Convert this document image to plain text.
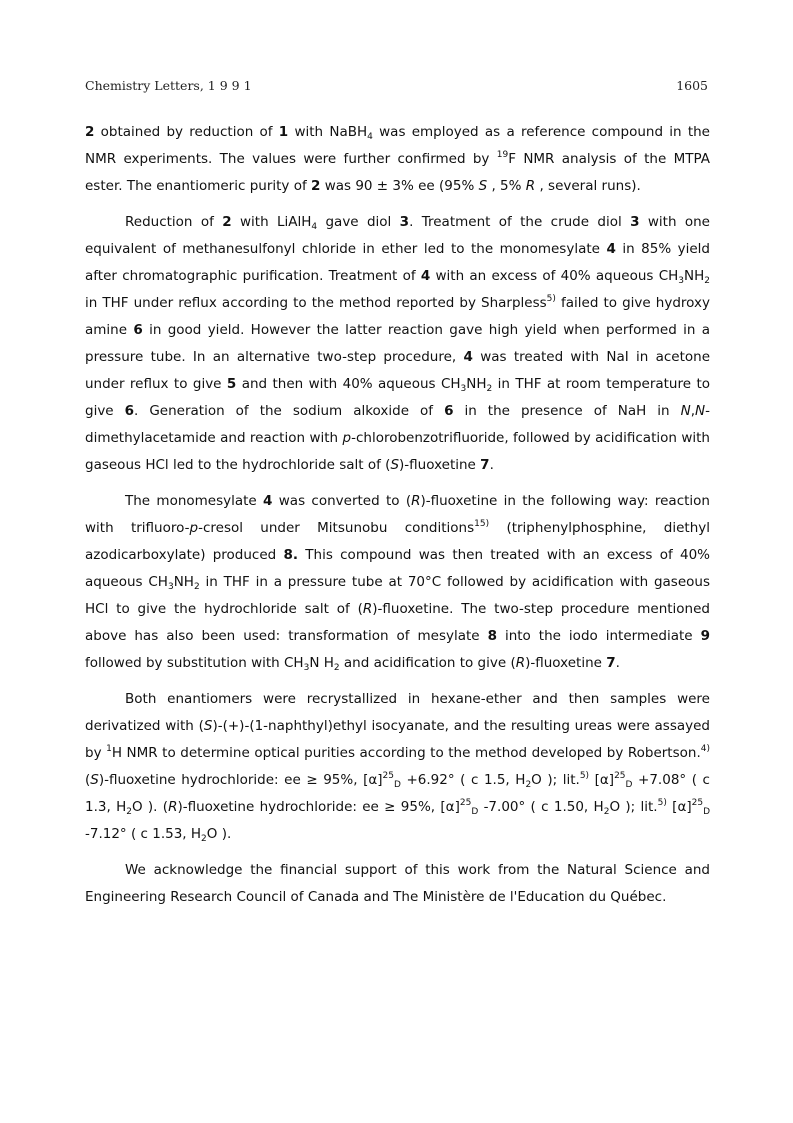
Chemistry Letters, 1 9 9 1	1605

2 obtained by reduction of 1 with NaBH$_4$ was employed as a reference compound in the NMR experiments. The values were further confirmed by $^{19}$F NMR analysis of the MTPA ester. The enantiomeric purity of 2 was 90 ± 3% ee (95% S , 5% R , several runs).

Reduction of 2 with LiAlH$_4$ gave diol 3. Treatment of the crude diol 3 with one equivalent of methanesulfonyl chloride in ether led to the monomesylate 4 in 85% yield after chromatographic purification. Treatment of 4 with an excess of 40% aqueous $CH_3NH_2$ in THF under reflux according to the method reported by Sharpless$^{5)}$ failed to give hydroxy amine 6 in good yield. However the latter reaction gave high yield when performed in a pressure tube. In an alternative two-step procedure, 4 was treated with NaI in acetone under reflux to give 5 and then with 40% aqueous $CH_3NH_2$ in THF at room temperature to give 6. Generation of the sodium alkoxide of 6 in the presence of NaH in N,N-dimethylacetamide and reaction with p-chlorobenzotrifluoride, followed by acidification with gaseous HCl led to the hydrochloride salt of (S)-fluoxetine 7.

The monomesylate 4 was converted to (R)-fluoxetine in the following way: reaction with trifluoro-p-cresol under Mitsunobu conditions$^{15)}$ (triphenylphosphine, diethyl azodicarboxylate) produced 8. This compound was then treated with an excess of 40% aqueous $CH_3NH_2$ in THF in a pressure tube at 70°C followed by acidification with gaseous HCl to give the hydrochloride salt of (R)-fluoxetine. The two-step procedure mentioned above has also been used: transformation of mesylate 8 into the iodo intermediate 9 followed by substitution with $CH_3N$ $H_2$ and acidification to give (R)-fluoxetine 7.

Both enantiomers were recrystallized in hexane-ether and then samples were derivatized with (S)-(+)-(1-naphthyl)ethyl isocyanate, and the resulting ureas were assayed by $^1$H NMR to determine optical purities according to the method developed by Robertson.$^{4)}$ (S)-fluoxetine hydrochloride: ee ≥ 95%, $[\alpha]^{25}_D +6.92^\circ$ ( c 1.5, $H_2O$ ); lit.$^{5)}$ $[\alpha]^{25}_D +7.08^\circ$ ( c 1.3, $H_2O$ ). (R)-fluoxetine hydrochloride: ee ≥ 95%, $[\alpha]^{25}_D$ -7.00° ( c 1.50, $H_2O$ ); lit.$^{5)}$ $[\alpha]^{25}_D$ -7.12° ( c 1.53, $H_2O$ ).

We acknowledge the financial support of this work from the Natural Science and Engineering Research Council of Canada and The Ministère de l'Education du Québec.
